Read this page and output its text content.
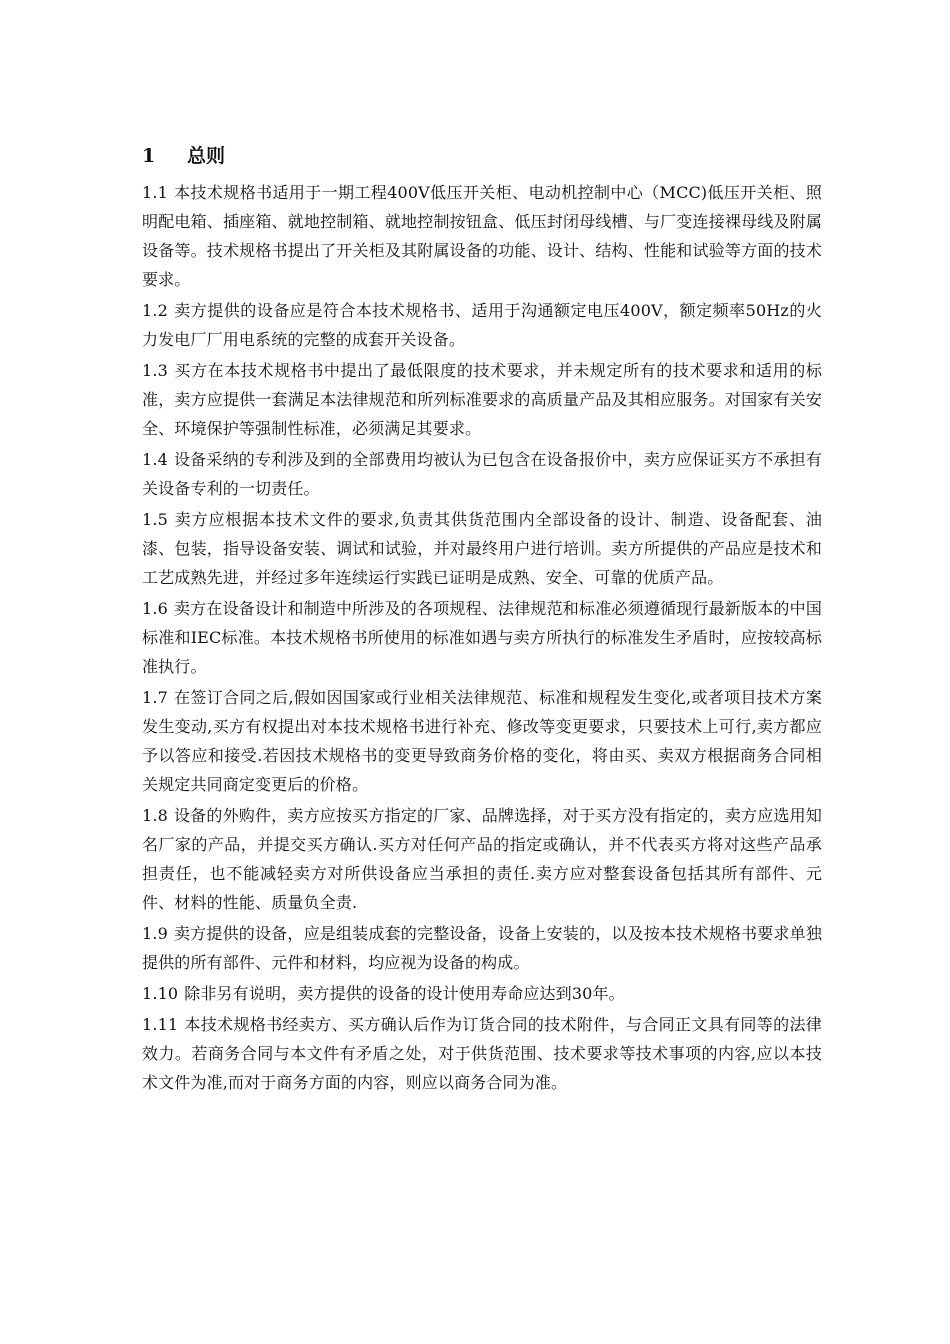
1	总则

1.1 本技术规格书适用于一期工程400V低压开关柜、电动机控制中心（MCC)低压开关柜、照明配电箱、插座箱、就地控制箱、就地控制按钮盒、低压封闭母线槽、与厂变连接裸母线及附属设备等。技术规格书提出了开关柜及其附属设备的功能、设计、结构、性能和试验等方面的技术要求。

1.2 卖方提供的设备应是符合本技术规格书、适用于沟通额定电压400V，额定频率50Hz的火力发电厂厂用电系统的完整的成套开关设备。

1.3 买方在本技术规格书中提出了最低限度的技术要求，并未规定所有的技术要求和适用的标准，卖方应提供一套满足本法律规范和所列标准要求的高质量产品及其相应服务。对国家有关安全、环境保护等强制性标准，必须满足其要求。

1.4 设备采纳的专利涉及到的全部费用均被认为已包含在设备报价中，卖方应保证买方不承担有关设备专利的一切责任。

1.5 卖方应根据本技术文件的要求,负责其供货范围内全部设备的设计、制造、设备配套、油漆、包装，指导设备安装、调试和试验，并对最终用户进行培训。卖方所提供的产品应是技术和工艺成熟先进，并经过多年连续运行实践已证明是成熟、安全、可靠的优质产品。

1.6 卖方在设备设计和制造中所涉及的各项规程、法律规范和标准必须遵循现行最新版本的中国标准和IEC标准。本技术规格书所使用的标准如遇与卖方所执行的标准发生矛盾时，应按较高标准执行。

1.7 在签订合同之后,假如因国家或行业相关法律规范、标准和规程发生变化,或者项目技术方案发生变动,买方有权提出对本技术规格书进行补充、修改等变更要求，只要技术上可行,卖方都应予以答应和接受.若因技术规格书的变更导致商务价格的变化，将由买、卖双方根据商务合同相关规定共同商定变更后的价格。

1.8 设备的外购件，卖方应按买方指定的厂家、品牌选择，对于买方没有指定的，卖方应选用知名厂家的产品，并提交买方确认.买方对任何产品的指定或确认，并不代表买方将对这些产品承担责任，也不能减轻卖方对所供设备应当承担的责任.卖方应对整套设备包括其所有部件、元件、材料的性能、质量负全责.

1.9 卖方提供的设备，应是组装成套的完整设备，设备上安装的，以及按本技术规格书要求单独提供的所有部件、元件和材料，均应视为设备的构成。

1.10 除非另有说明，卖方提供的设备的设计使用寿命应达到30年。

1.11 本技术规格书经卖方、买方确认后作为订货合同的技术附件，与合同正文具有同等的法律效力。若商务合同与本文件有矛盾之处，对于供货范围、技术要求等技术事项的内容,应以本技术文件为准,而对于商务方面的内容，则应以商务合同为准。
